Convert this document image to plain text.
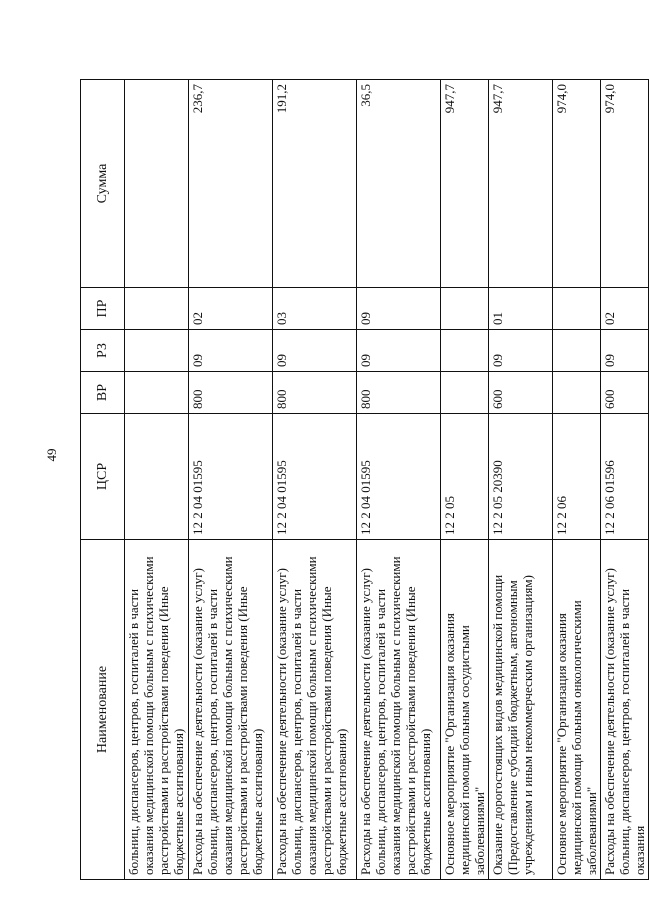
49
Наименование	ЦСР	ВР	РЗ	ПР	Сумма
больниц, диспансеров, центров, госпиталей в части оказания медицинской помощи больным с психическими расстройствами и расстройствами поведения (Иные бюджетные ассигнования)					
Расходы на обеспечение деятельности (оказание услуг) больниц, диспансеров, центров, госпиталей в части оказания медицинской помощи больным с психическими расстройствами и расстройствами поведения (Иные бюджетные ассигнования)	12 2 04 01595	800	09	02	236,7
Расходы на обеспечение деятельности (оказание услуг) больниц, диспансеров, центров, госпиталей в части оказания медицинской помощи больным с психическими расстройствами и расстройствами поведения (Иные бюджетные ассигнования)	12 2 04 01595	800	09	03	191,2
Расходы на обеспечение деятельности (оказание услуг) больниц, диспансеров, центров, госпиталей в части оказания медицинской помощи больным с психическими расстройствами и расстройствами поведения (Иные бюджетные ассигнования)	12 2 04 01595	800	09	09	36,5
Основное мероприятие "Организация оказания медицинской помощи больным сосудистыми заболеваниями"	12 2 05				947,7
Оказание дорогостоящих видов медицинской помощи (Предоставление субсидий бюджетным, автономным учреждениям и иным некоммерческим организациям)	12 2 05 20390	600	09	01	947,7
Основное мероприятие "Организация оказания медицинской помощи больным онкологическими заболеваниями"	12 2 06				974,0
Расходы на обеспечение деятельности (оказание услуг) больниц, диспансеров, центров, госпиталей в части оказания	12 2 06 01596	600	09	02	974,0
